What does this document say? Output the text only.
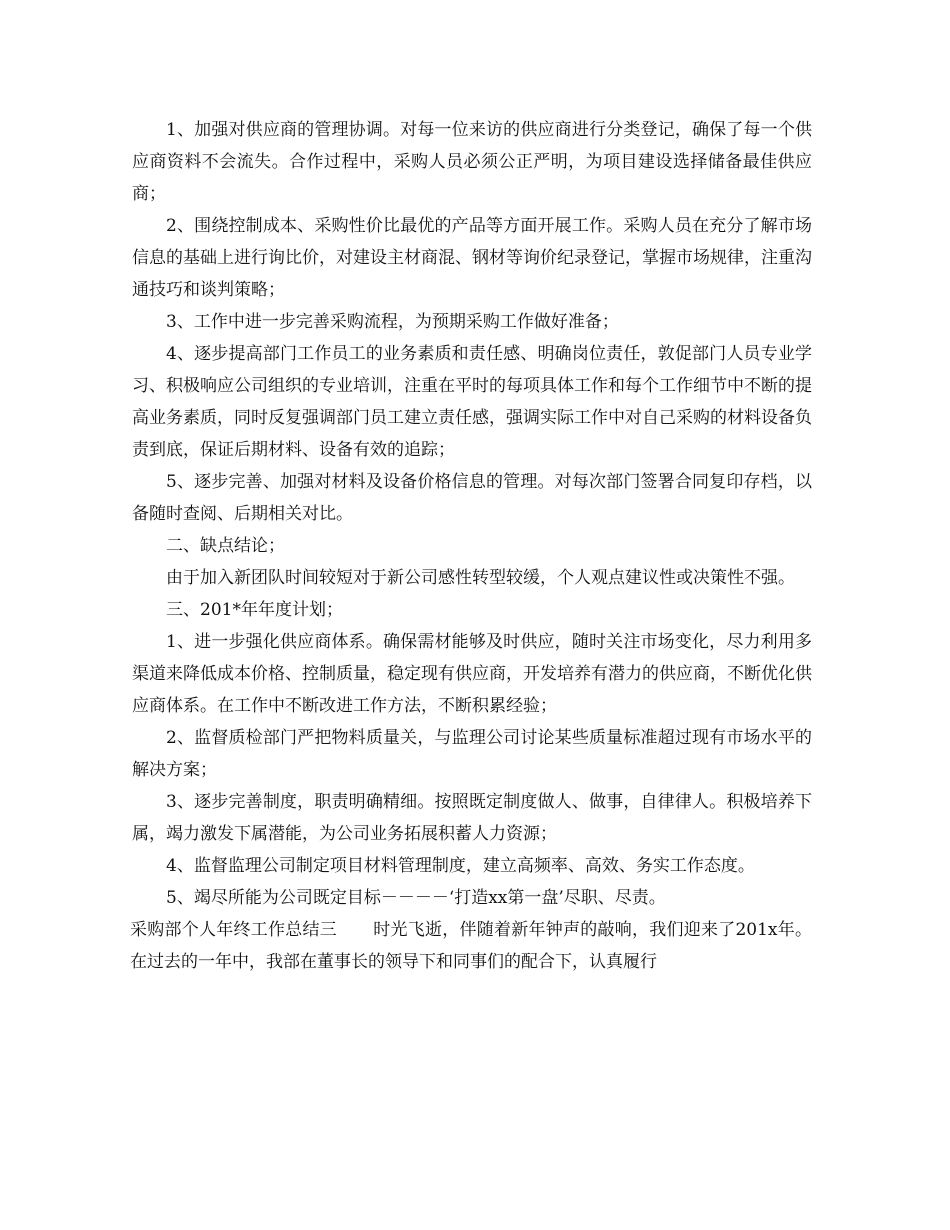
1、加强对供应商的管理协调。对每一位来访的供应商进行分类登记，确保了每一个供应商资料不会流失。合作过程中，采购人员必须公正严明，为项目建设选择储备最佳供应商；

2、围绕控制成本、采购性价比最优的产品等方面开展工作。采购人员在充分了解市场信息的基础上进行询比价，对建设主材商混、钢材等询价纪录登记，掌握市场规律，注重沟通技巧和谈判策略；

3、工作中进一步完善采购流程，为预期采购工作做好准备；

4、逐步提高部门工作员工的业务素质和责任感、明确岗位责任，敦促部门人员专业学习、积极响应公司组织的专业培训，注重在平时的每项具体工作和每个工作细节中不断的提高业务素质，同时反复强调部门员工建立责任感，强调实际工作中对自己采购的材料设备负责到底，保证后期材料、设备有效的追踪；

5、逐步完善、加强对材料及设备价格信息的管理。对每次部门签署合同复印存档，以备随时查阅、后期相关对比。

二、缺点结论；

由于加入新团队时间较短对于新公司感性转型较缓，个人观点建议性或决策性不强。

三、201*年年度计划；

1、进一步强化供应商体系。确保需材能够及时供应，随时关注市场变化，尽力利用多渠道来降低成本价格、控制质量，稳定现有供应商，开发培养有潜力的供应商，不断优化供应商体系。在工作中不断改进工作方法，不断积累经验；

2、监督质检部门严把物料质量关，与监理公司讨论某些质量标准超过现有市场水平的解决方案；

3、逐步完善制度，职责明确精细。按照既定制度做人、做事，自律律人。积极培养下属，竭力激发下属潜能，为公司业务拓展积蓄人力资源；

4、监督监理公司制定项目材料管理制度，建立高频率、高效、务实工作态度。

5、竭尽所能为公司既定目标－－－－‘打造xx第一盘’尽职、尽责。

采购部个人年终工作总结三 时光飞逝，伴随着新年钟声的敲响，我们迎来了201x年。在过去的一年中，我部在董事长的领导下和同事们的配合下，认真履行
